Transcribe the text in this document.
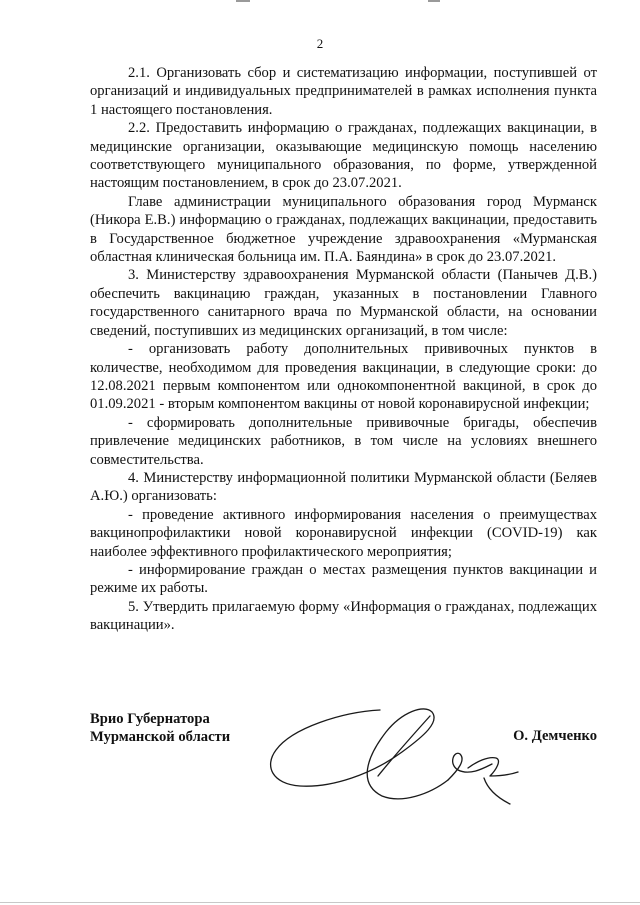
2

2.1. Организовать сбор и систематизацию информации, поступившей от организаций и индивидуальных предпринимателей в рамках исполнения пункта 1 настоящего постановления.

2.2. Предоставить информацию о гражданах, подлежащих вакцинации, в медицинские организации, оказывающие медицинскую помощь населению соответствующего муниципального образования, по форме, утвержденной настоящим постановлением, в срок до 23.07.2021.

Главе администрации муниципального образования город Мурманск (Никора Е.В.) информацию о гражданах, подлежащих вакцинации, предоставить в Государственное бюджетное учреждение здравоохранения «Мурманская областная клиническая больница им. П.А. Баяндина» в срок до 23.07.2021.

3. Министерству здравоохранения Мурманской области (Панычев Д.В.) обеспечить вакцинацию граждан, указанных в постановлении Главного государственного санитарного врача по Мурманской области, на основании сведений, поступивших из медицинских организаций, в том числе:

- организовать работу дополнительных прививочных пунктов в количестве, необходимом для проведения вакцинации, в следующие сроки: до 12.08.2021 первым компонентом или однокомпонентной вакциной, в срок до 01.09.2021 - вторым компонентом вакцины от новой коронавирусной инфекции;

- сформировать дополнительные прививочные бригады, обеспечив привлечение медицинских работников, в том числе на условиях внешнего совместительства.

4. Министерству информационной политики Мурманской области (Беляев А.Ю.) организовать:

- проведение активного информирования населения о преимуществах вакцинопрофилактики новой коронавирусной инфекции (COVID-19) как наиболее эффективного профилактического мероприятия;

- информирование граждан о местах размещения пунктов вакцинации и режиме их работы.

5. Утвердить прилагаемую форму «Информация о гражданах, подлежащих вакцинации».

Врио Губернатора
Мурманской области	О. Демченко
